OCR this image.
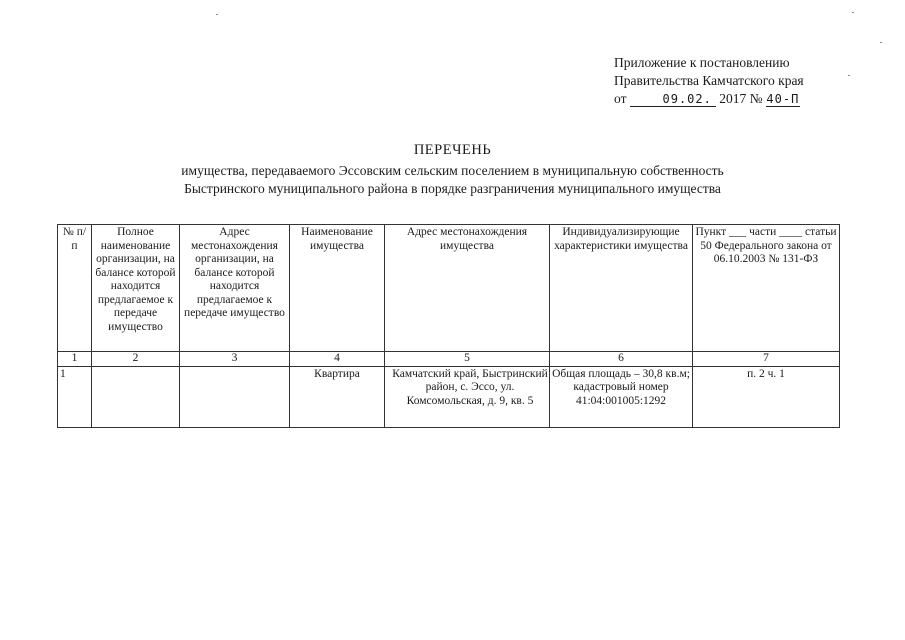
Приложение к постановлению
Правительства Камчатского края
от	09.02. 2017 № 40-П
ПЕРЕЧЕНЬ
имущества, передаваемого Эссовским сельским поселением в муниципальную собственность
Быстринского муниципального района в порядке разграничения муниципального имущества
№ п/п	Полное наименование организации, на балансе которой находится предлагаемое к передаче имущество	Адрес местонахождения организации, на балансе которой находится предлагаемое к передаче имущество	Наименование имущества	Адрес местонахождения имущества	Индивидуализирующие характеристики имущества	Пункт ___ части ____ статьи 50 Федерального закона от 06.10.2003 № 131-ФЗ
1	2	3	4	5	6	7
1			Квартира	Камчатский край, Быстринский район, с. Эссо, ул. Комсомольская, д. 9, кв. 5	Общая площадь – 30,8 кв.м; кадастровый номер 41:04:001005:1292	п. 2 ч. 1
